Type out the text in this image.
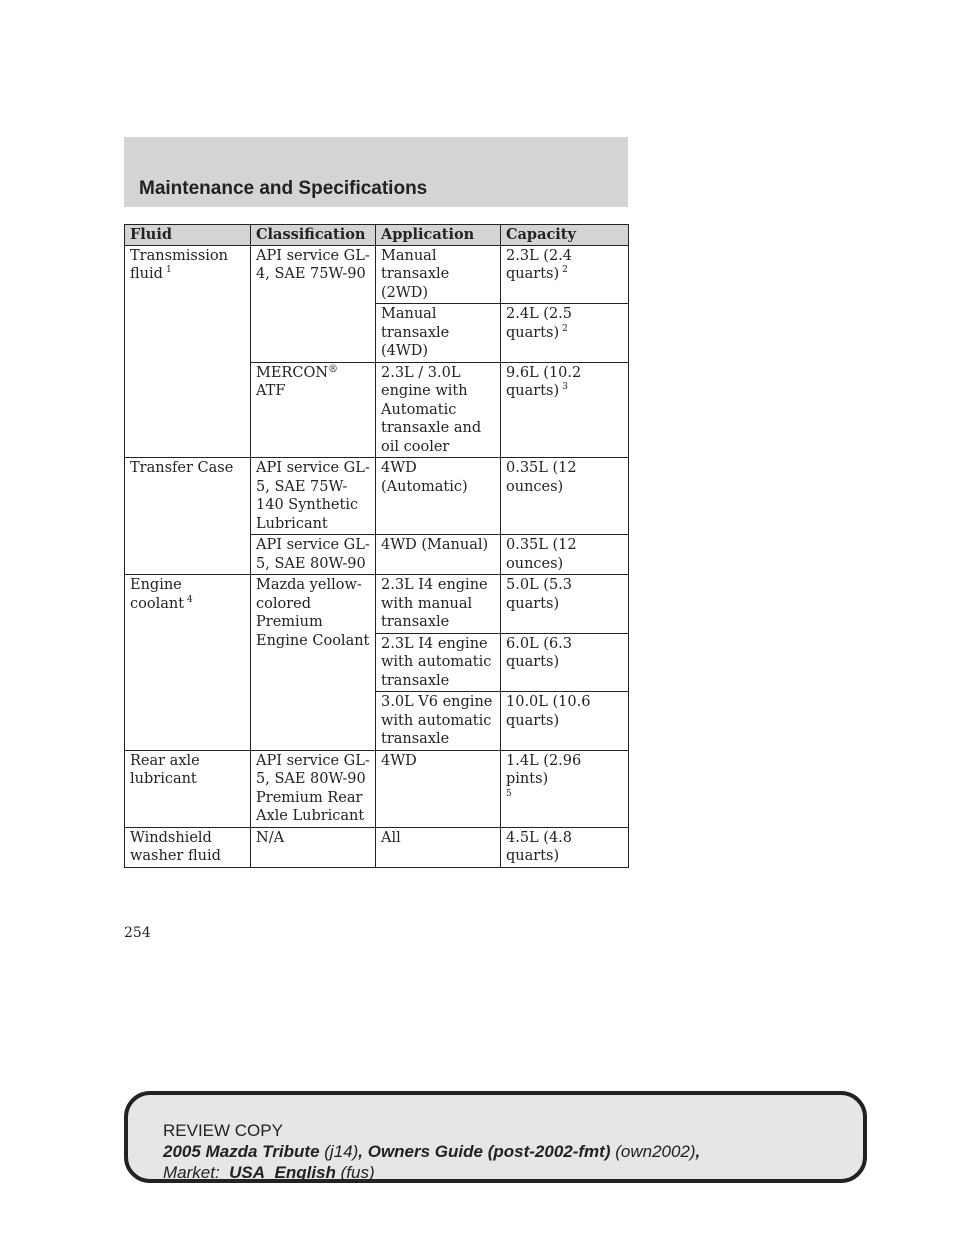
Maintenance and Specifications
Fluid	Classification	Application	Capacity
Transmission fluid $^1$	API service GL-4, SAE 75W-90	Manual transaxle (2WD)	2.3L (2.4 quarts) $^2$
		Manual transaxle (4WD)	2.4L (2.5 quarts) $^2$
	MERCON® ATF	2.3L / 3.0L engine with Automatic transaxle and oil cooler	9.6L (10.2 quarts) $^3$
Transfer Case	API service GL-5, SAE 75W-140 Synthetic Lubricant	4WD (Automatic)	0.35L (12 ounces)
	API service GL-5, SAE 80W-90	4WD (Manual)	0.35L (12 ounces)
Engine coolant $^4$	Mazda yellow-colored Premium Engine Coolant	2.3L I4 engine with manual transaxle	5.0L (5.3 quarts)
		2.3L I4 engine with automatic transaxle	6.0L (6.3 quarts)
		3.0L V6 engine with automatic transaxle	10.0L (10.6 quarts)
Rear axle lubricant	API service GL-5, SAE 80W-90 Premium Rear Axle Lubricant	4WD	1.4L (2.96 pints)
$^5$
Windshield washer fluid	N/A	All	4.5L (4.8 quarts)
254
REVIEW COPY
2005 Mazda Tribute (j14), Owners Guide (post-2002-fmt) (own2002),
Market: USA_English (fus)
